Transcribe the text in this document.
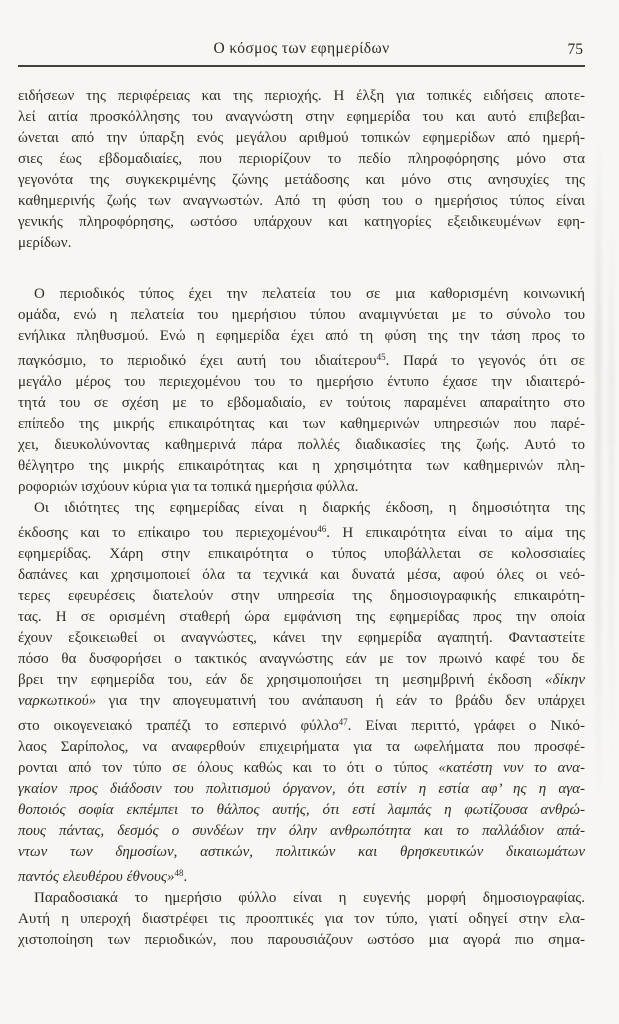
Ο κόσμος των εφημερίδων	75
ειδήσεων της περιφέρειας και της περιοχής. Η έλξη για τοπικές ειδήσεις αποτε-
λεί αιτία προσκόλλησης του αναγνώστη στην εφημερίδα του και αυτό επιβεβαι-
ώνεται από την ύπαρξη ενός μεγάλου αριθμού τοπικών εφημερίδων από ημερή-
σιες έως εβδομαδιαίες, που περιορίζουν το πεδίο πληροφόρησης μόνο στα
γεγονότα της συγκεκριμένης ζώνης μετάδοσης και μόνο στις ανησυχίες της
καθημερινής ζωής των αναγνωστών. Από τη φύση του ο ημερήσιος τύπος είναι
γενικής πληροφόρησης, ωστόσο υπάρχουν και κατηγορίες εξειδικευμένων εφη-
μερίδων.
Ο περιοδικός τύπος έχει την πελατεία του σε μια καθορισμένη κοινωνική
ομάδα, ενώ η πελατεία του ημερήσιου τύπου αναμιγνύεται με το σύνολο του
ενήλικα πληθυσμού. Ενώ η εφημερίδα έχει από τη φύση της την τάση προς το
παγκόσμιο, το περιοδικό έχει αυτή του ιδιαίτερου$^{45}$. Παρά το γεγονός ότι σε
μεγάλο μέρος του περιεχομένου του το ημερήσιο έντυπο έχασε την ιδιαιτερό-
τητά του σε σχέση με το εβδομαδιαίο, εν τούτοις παραμένει απαραίτητο στο
επίπεδο της μικρής επικαιρότητας και των καθημερινών υπηρεσιών που παρέ-
χει, διευκολύνοντας καθημερινά πάρα πολλές διαδικασίες της ζωής. Αυτό το
θέλγητρο της μικρής επικαιρότητας και η χρησιμότητα των καθημερινών πλη-
ροφοριών ισχύουν κύρια για τα τοπικά ημερήσια φύλλα.
Οι ιδιότητες της εφημερίδας είναι η διαρκής έκδοση, η δημοσιότητα της
έκδοσης και το επίκαιρο του περιεχομένου$^{46}$. Η επικαιρότητα είναι το αίμα της
εφημερίδας. Χάρη στην επικαιρότητα ο τύπος υποβάλλεται σε κολοσσιαίες
δαπάνες και χρησιμοποιεί όλα τα τεχνικά και δυνατά μέσα, αφού όλες οι νεό-
τερες εφευρέσεις διατελούν στην υπηρεσία της δημοσιογραφικής επικαιρότη-
τας. Η σε ορισμένη σταθερή ώρα εμφάνιση της εφημερίδας προς την οποία
έχουν εξοικειωθεί οι αναγνώστες, κάνει την εφημερίδα αγαπητή. Φανταστείτε
πόσο θα δυσφορήσει ο τακτικός αναγνώστης εάν με τον πρωινό καφέ του δε
βρει την εφημερίδα του, εάν δε χρησιμοποιήσει τη μεσημβρινή έκδοση «δίκην
ναρκωτικού» για την απογευματινή του ανάπαυση ή εάν το βράδυ δεν υπάρχει
στο οικογενειακό τραπέζι το εσπερινό φύλλο$^{47}$. Είναι περιττό, γράφει ο Νικό-
λαος Σαρίπολος, να αναφερθούν επιχειρήματα για τα ωφελήματα που προσφέ-
ρονται από τον τύπο σε όλους καθώς και το ότι ο τύπος «κατέστη νυν το ανα-
γκαίον προς διάδοσιν του πολιτισμού όργανον, ότι εστίν η εστία αφ’ ης η αγα-
θοποιός σοφία εκπέμπει το θάλπος αυτής, ότι εστί λαμπάς η φωτίζουσα ανθρώ-
πους πάντας, δεσμός ο συνδέων την όλην ανθρωπότητα και το παλλάδιον απά-
ντων των δημοσίων, αστικών, πολιτικών και θρησκευτικών δικαιωμάτων
παντός ελευθέρου έθνους»$^{48}$.
Παραδοσιακά το ημερήσιο φύλλο είναι η ευγενής μορφή δημοσιογραφίας.
Αυτή η υπεροχή διαστρέφει τις προοπτικές για τον τύπο, γιατί οδηγεί στην ελα-
χιστοποίηση των περιοδικών, που παρουσιάζουν ωστόσο μια αγορά πιο σημα-
